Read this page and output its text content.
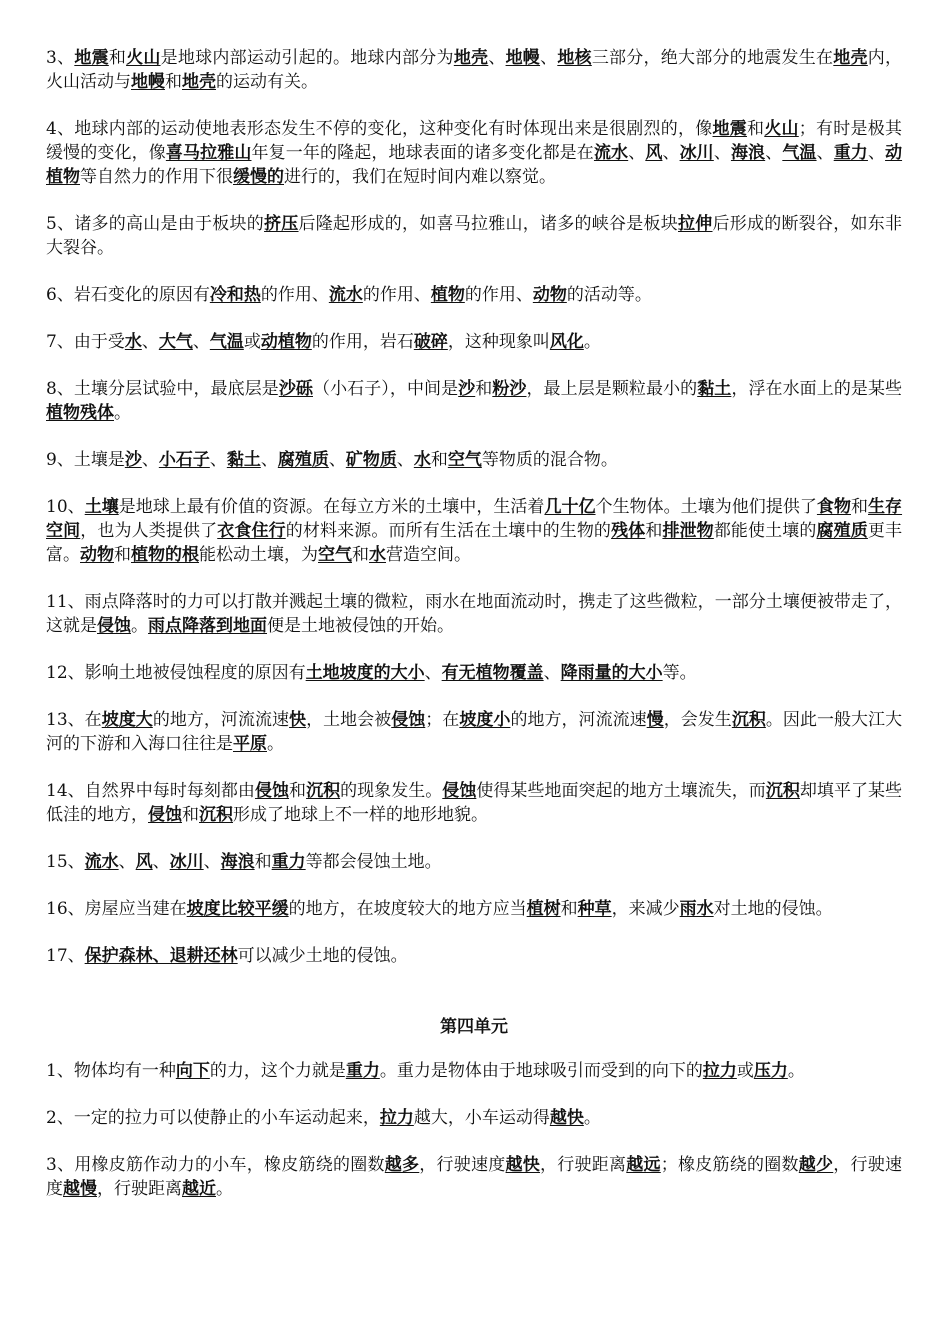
3、地震和火山是地球内部运动引起的。地球内部分为地壳、地幔、地核三部分，绝大部分的地震发生在地壳内，火山活动与地幔和地壳的运动有关。

4、地球内部的运动使地表形态发生不停的变化，这种变化有时体现出来是很剧烈的，像地震和火山；有时是极其缓慢的变化，像喜马拉雅山年复一年的隆起，地球表面的诸多变化都是在流水、风、冰川、海浪、气温、重力、动植物等自然力的作用下很缓慢的进行的，我们在短时间内难以察觉。

5、诸多的高山是由于板块的挤压后隆起形成的，如喜马拉雅山，诸多的峡谷是板块拉伸后形成的断裂谷，如东非大裂谷。

6、岩石变化的原因有冷和热的作用、流水的作用、植物的作用、动物的活动等。

7、由于受水、大气、气温或动植物的作用，岩石破碎，这种现象叫风化。

8、土壤分层试验中，最底层是沙砾（小石子），中间是沙和粉沙，最上层是颗粒最小的黏土，浮在水面上的是某些植物残体。

9、土壤是沙、小石子、黏土、腐殖质、矿物质、水和空气等物质的混合物。

10、土壤是地球上最有价值的资源。在每立方米的土壤中，生活着几十亿个生物体。土壤为他们提供了食物和生存空间，也为人类提供了衣食住行的材料来源。而所有生活在土壤中的生物的残体和排泄物都能使土壤的腐殖质更丰富。动物和植物的根能松动土壤，为空气和水营造空间。

11、雨点降落时的力可以打散并溅起土壤的微粒，雨水在地面流动时，携走了这些微粒，一部分土壤便被带走了，这就是侵蚀。雨点降落到地面便是土地被侵蚀的开始。

12、影响土地被侵蚀程度的原因有土地坡度的大小、有无植物覆盖、降雨量的大小等。

13、在坡度大的地方，河流流速快，土地会被侵蚀；在坡度小的地方，河流流速慢，会发生沉积。因此一般大江大河的下游和入海口往往是平原。

14、自然界中每时每刻都由侵蚀和沉积的现象发生。侵蚀使得某些地面突起的地方土壤流失，而沉积却填平了某些低洼的地方，侵蚀和沉积形成了地球上不一样的地形地貌。

15、流水、风、冰川、海浪和重力等都会侵蚀土地。

16、房屋应当建在坡度比较平缓的地方，在坡度较大的地方应当植树和种草，来减少雨水对土地的侵蚀。

17、保护森林、退耕还林可以减少土地的侵蚀。

第四单元

1、物体均有一种向下的力，这个力就是重力。重力是物体由于地球吸引而受到的向下的拉力或压力。

2、一定的拉力可以使静止的小车运动起来，拉力越大，小车运动得越快。

3、用橡皮筋作动力的小车，橡皮筋绕的圈数越多，行驶速度越快，行驶距离越远；橡皮筋绕的圈数越少，行驶速度越慢，行驶距离越近。
